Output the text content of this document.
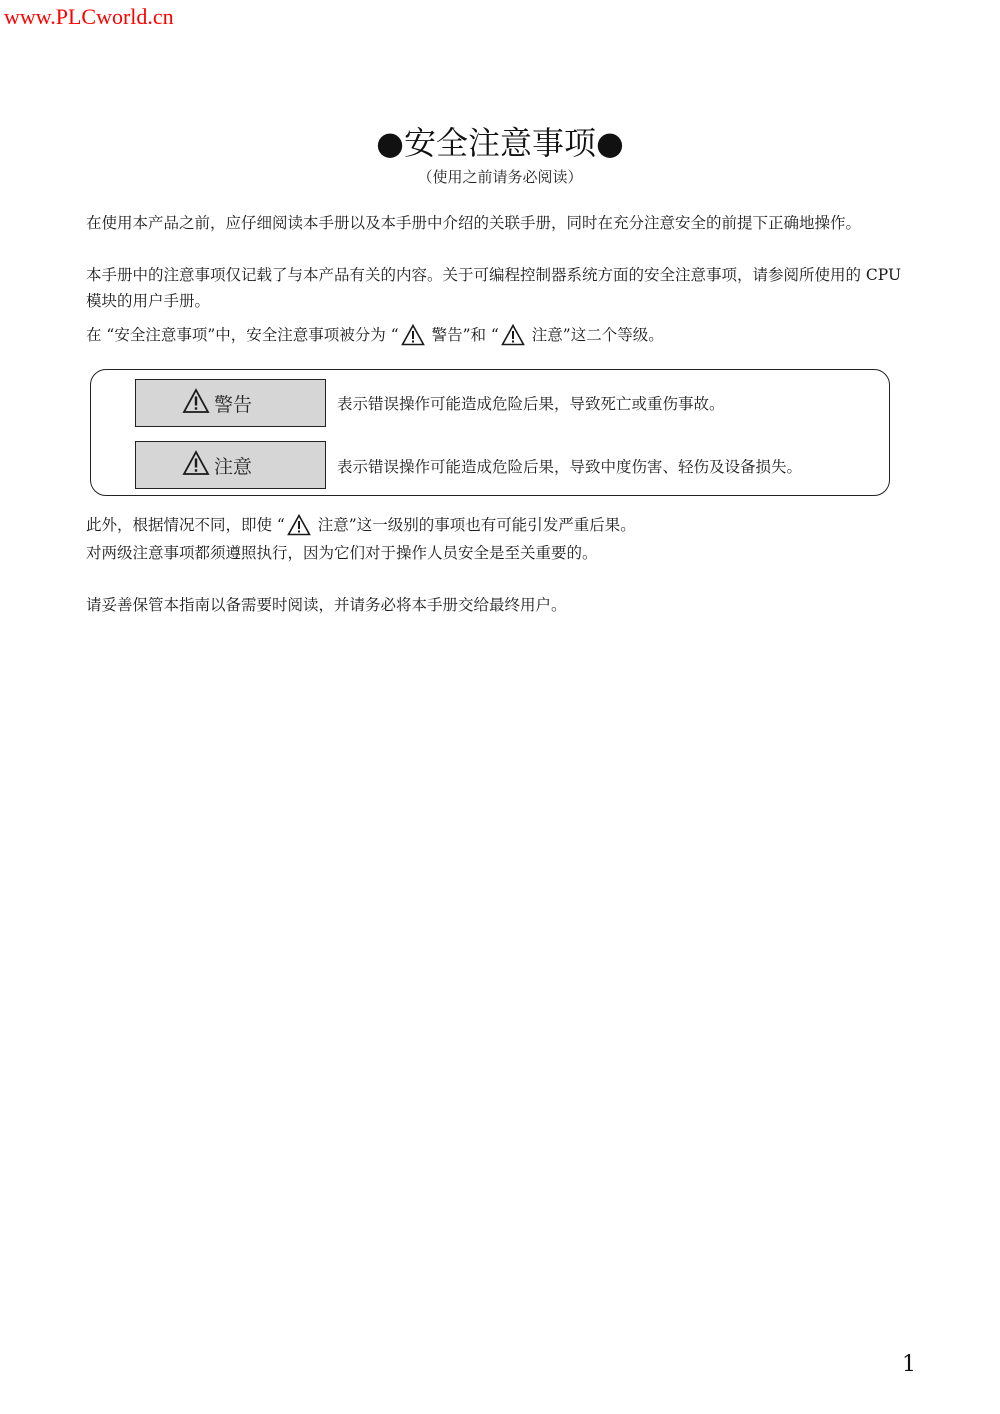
www.PLCworld.cn
●安全注意事项●
（使用之前请务必阅读）
在使用本产品之前，应仔细阅读本手册以及本手册中介绍的关联手册，同时在充分注意安全的前提下正确地操作。
本手册中的注意事项仅记载了与本产品有关的内容。关于可编程控制器系统方面的安全注意事项，请参阅所使用的 CPU 模块的用户手册。
在 “安全注意事项”中，安全注意事项被分为 “ 警告”和 “ 注意”这二个等级。
警告	表示错误操作可能造成危险后果，导致死亡或重伤事故。
注意	表示错误操作可能造成危险后果，导致中度伤害、轻伤及设备损失。
此外，根据情况不同，即使 “ 注意”这一级别的事项也有可能引发严重后果。
对两级注意事项都须遵照执行，因为它们对于操作人员安全是至关重要的。
请妥善保管本指南以备需要时阅读，并请务必将本手册交给最终用户。
1
